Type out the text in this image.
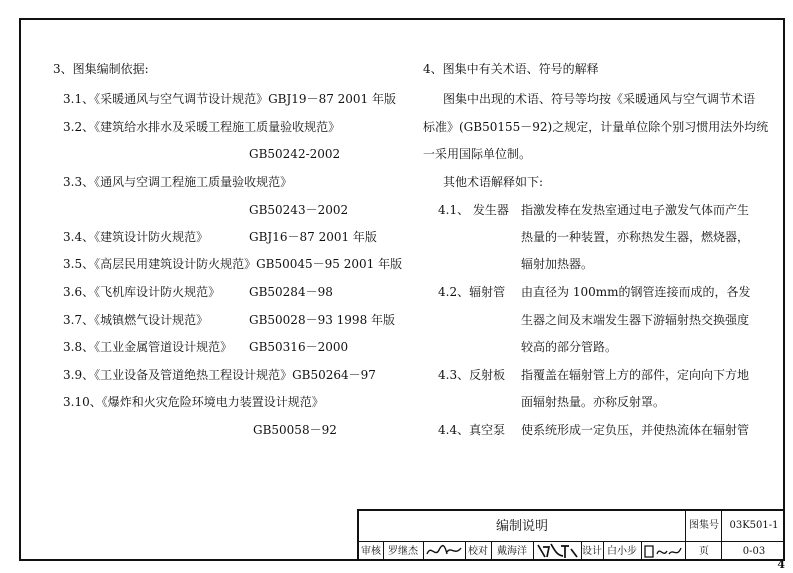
3、图集编制依据:
3.1、《采暖通风与空气调节设计规范》GBJ19－87 2001 年版
3.2、《建筑给水排水及采暖工程施工质量验收规范》
GB50242-2002
3.3、《通风与空调工程施工质量验收规范》
GB50243－2002
3.4、《建筑设计防火规范》	GBJ16－87 2001 年版
3.5、《高层民用建筑设计防火规范》GB50045－95 2001 年版
3.6、《飞机库设计防火规范》 GB50284－98
3.7、《城镇燃气设计规范》	GB50028－93 1998 年版
3.8、《工业金属管道设计规范》 GB50316－2000
3.9、《工业设备及管道绝热工程设计规范》GB50264－97
3.10、《爆炸和火灾危险环境电力装置设计规范》
GB50058－92
4、图集中有关术语、符号的解释
图集中出现的术语、符号等均按《采暖通风与空气调节术语
标准》(GB50155－92)之规定，计量单位除个别习惯用法外均统
一采用国际单位制。
其他术语解释如下:
4.1、 发生器 指激发棒在发热室通过电子激发气体而产生
热量的一种装置，亦称热发生器，燃烧器，
辐射加热器。
4.2、辐射管 由直径为 100mm的钢管连接而成的，各发
生器之间及末端发生器下游辐射热交换强度
较高的部分管路。
4.3、反射板 指覆盖在辐射管上方的部件，定向向下方地
面辐射热量。亦称反射罩。
4.4、真空泵 使系统形成一定负压，并使热流体在辐射管
编制说明	图集号	03K501-1
审核 罗继杰	校对 戴海洋	设计 白小步	页	0-03
4
